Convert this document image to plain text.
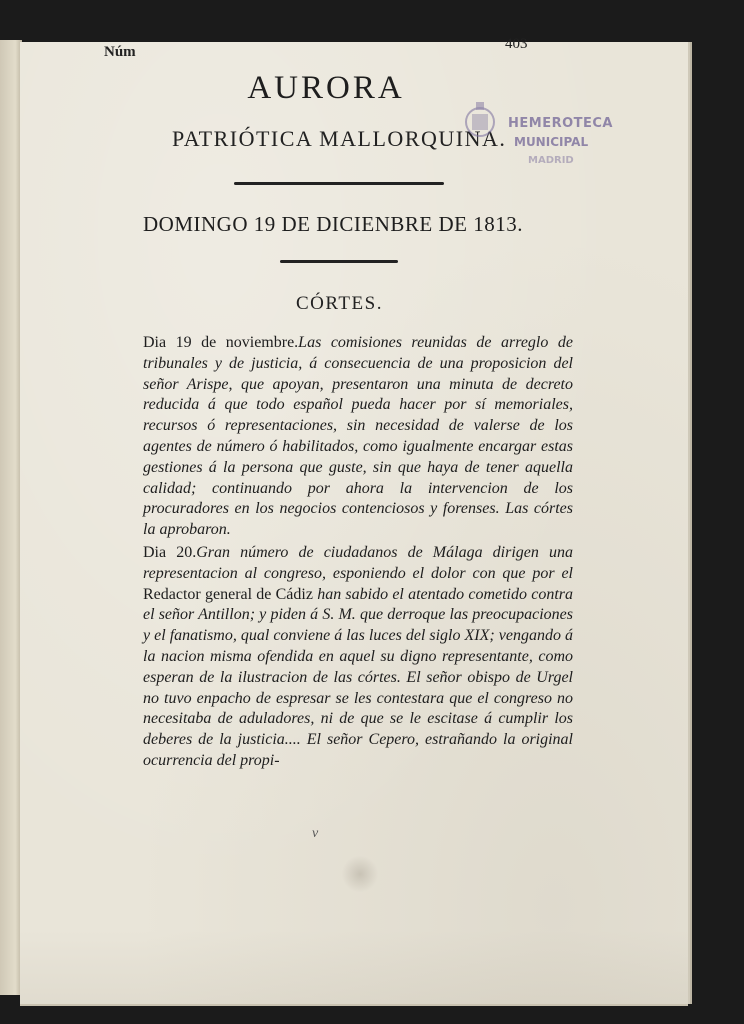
Núm	403
AURORA
PATRIÓTICA MALLORQUINA.
HEMEROTECA
MUNICIPAL
MADRID
DOMINGO 19 DE DICIENBRE DE 1813.
CÓRTES.

Dia 19 de noviembre.Las comisiones reunidas de arreglo de tribunales y de justicia, á consecuencia de una proposicion del señor Arispe, que apoyan, presentaron una minuta de decreto reducida á que todo español pueda hacer por sí memoriales, recursos ó representaciones, sin necesidad de valerse de los agentes de número ó habilitados, como igualmente encargar estas gestiones á la persona que guste, sin que haya de tener aquella calidad; continuando por ahora la intervencion de los procuradores en los negocios contenciosos y forenses. Las córtes la aprobaron.

Dia 20.Gran número de ciudadanos de Málaga dirigen una representacion al congreso, esponiendo el dolor con que por el Redactor general de Cádiz han sabido el atentado cometido contra el señor Antillon; y piden á S. M. que derroque las preocupaciones y el fanatismo, qual conviene á las luces del siglo XIX; vengando á la nacion misma ofendida en aquel su digno representante, como esperan de la ilustracion de las córtes. El señor obispo de Urgel no tuvo enpacho de espresar se les contestara que el congreso no necesitaba de aduladores, ni de que se le escitase á cumplir los deberes de la justicia.... El señor Cepero, estrañando la original ocurrencia del propi-

v
